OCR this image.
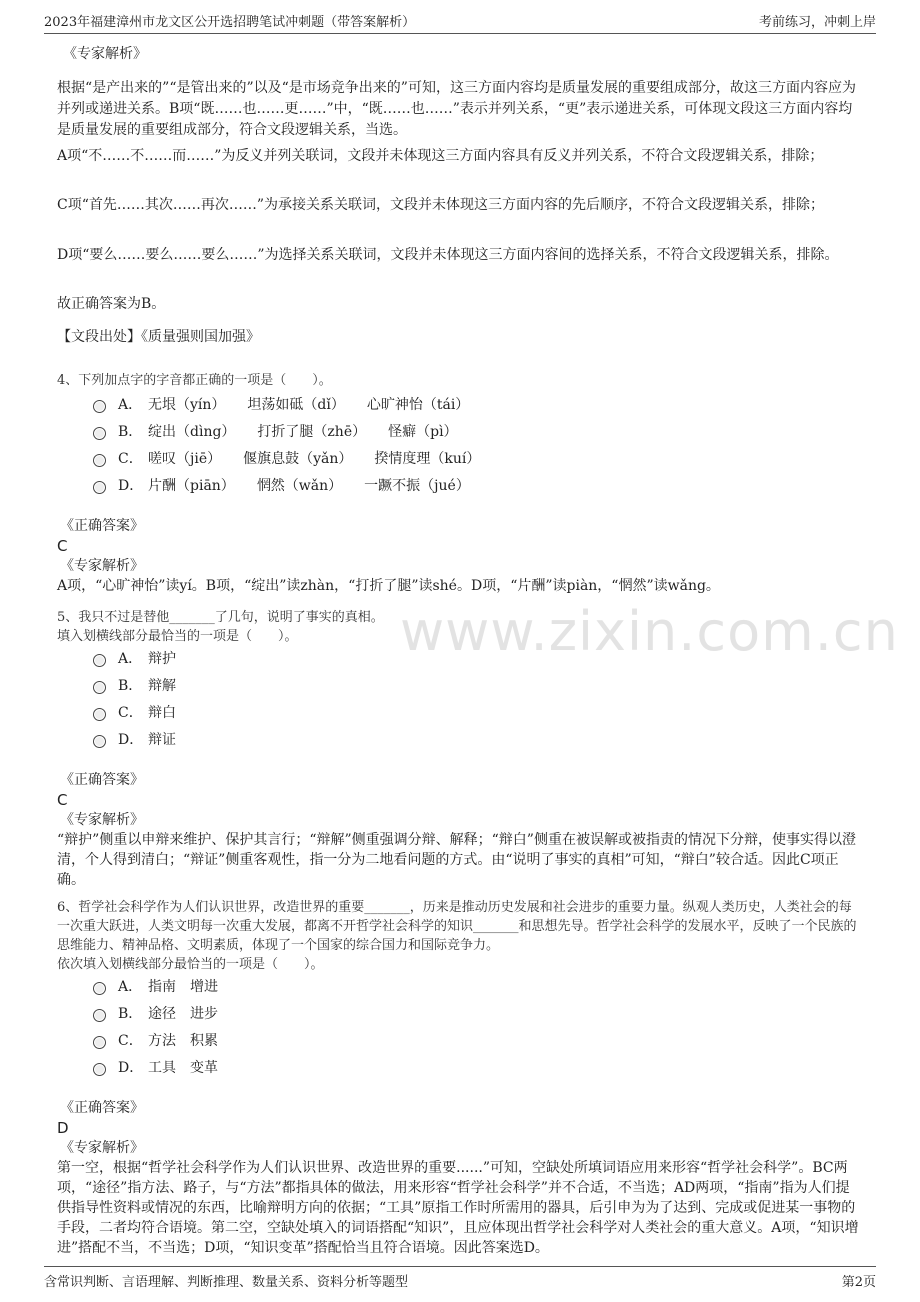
2023年福建漳州市龙文区公开选招聘笔试冲刺题（带答案解析）	考前练习，冲刺上岸
www.zixin.com.cn

《专家解析》

根据“是产出来的”“是管出来的”以及“是市场竞争出来的”可知，这三方面内容均是质量发展的重要组成部分，故这三方面内容应为并列或递进关系。B项“既……也……更……”中，“既……也……”表示并列关系，“更”表示递进关系，可体现文段这三方面内容均是质量发展的重要组成部分，符合文段逻辑关系，当选。

A项“不……不……而……”为反义并列关联词，文段并未体现这三方面内容具有反义并列关系，不符合文段逻辑关系，排除；

C项“首先……其次……再次……”为承接关系关联词，文段并未体现这三方面内容的先后顺序，不符合文段逻辑关系，排除；

D项“要么……要么……要么……”为选择关系关联词，文段并未体现这三方面内容间的选择关系，不符合文段逻辑关系，排除。

故正确答案为B。

【文段出处】《质量强则国加强》

4、下列加点字的字音都正确的一项是（　　）。

A． 无垠（yín） 坦荡如砥（dǐ） 心旷神怡（tái）
B． 绽出（dìng） 打折了腿（zhē） 怪癖（pì）
C． 嗟叹（jiē） 偃旗息鼓（yǎn） 揆情度理（kuí）
D． 片酬（piān） 惘然（wǎn） 一蹶不振（jué）

《正确答案》

C

《专家解析》

A项，“心旷神怡”读yí。B项，“绽出”读zhàn，“打折了腿”读shé。D项，“片酬”读piàn，“惘然”读wǎng。

5、我只不过是替他_______了几句，说明了事实的真相。

填入划横线部分最恰当的一项是（　　）。

A． 辩护
B． 辩解
C． 辩白
D． 辩证

《正确答案》

C

《专家解析》

“辩护”侧重以申辩来维护、保护其言行；“辩解”侧重强调分辩、解释；“辩白”侧重在被误解或被指责的情况下分辩，使事实得以澄清，个人得到清白；“辩证”侧重客观性，指一分为二地看问题的方式。由“说明了事实的真相”可知，“辩白”较合适。因此C项正确。

6、哲学社会科学作为人们认识世界，改造世界的重要_______，历来是推动历史发展和社会进步的重要力量。纵观人类历史，人类社会的每一次重大跃进，人类文明每一次重大发展，都离不开哲学社会科学的知识_______和思想先导。哲学社会科学的发展水平，反映了一个民族的思维能力、精神品格、文明素质，体现了一个国家的综合国力和国际竞争力。

依次填入划横线部分最恰当的一项是（　　）。

A． 指南 增进
B． 途径 进步
C． 方法 积累
D． 工具 变革

《正确答案》

D

《专家解析》

第一空，根据“哲学社会科学作为人们认识世界、改造世界的重要......”可知，空缺处所填词语应用来形容“哲学社会科学”。BC两项，“途径”指方法、路子，与“方法”都指具体的做法，用来形容“哲学社会科学”并不合适，不当选；AD两项，“指南”指为人们提供指导性资料或情况的东西，比喻辩明方向的依据；“工具”原指工作时所需用的器具，后引申为为了达到、完成或促进某一事物的手段，二者均符合语境。第二空，空缺处填入的词语搭配“知识”，且应体现出哲学社会科学对人类社会的重大意义。A项，“知识增进”搭配不当，不当选；D项，“知识变革”搭配恰当且符合语境。因此答案选D。

含常识判断、言语理解、判断推理、数量关系、资料分析等题型	第2页
